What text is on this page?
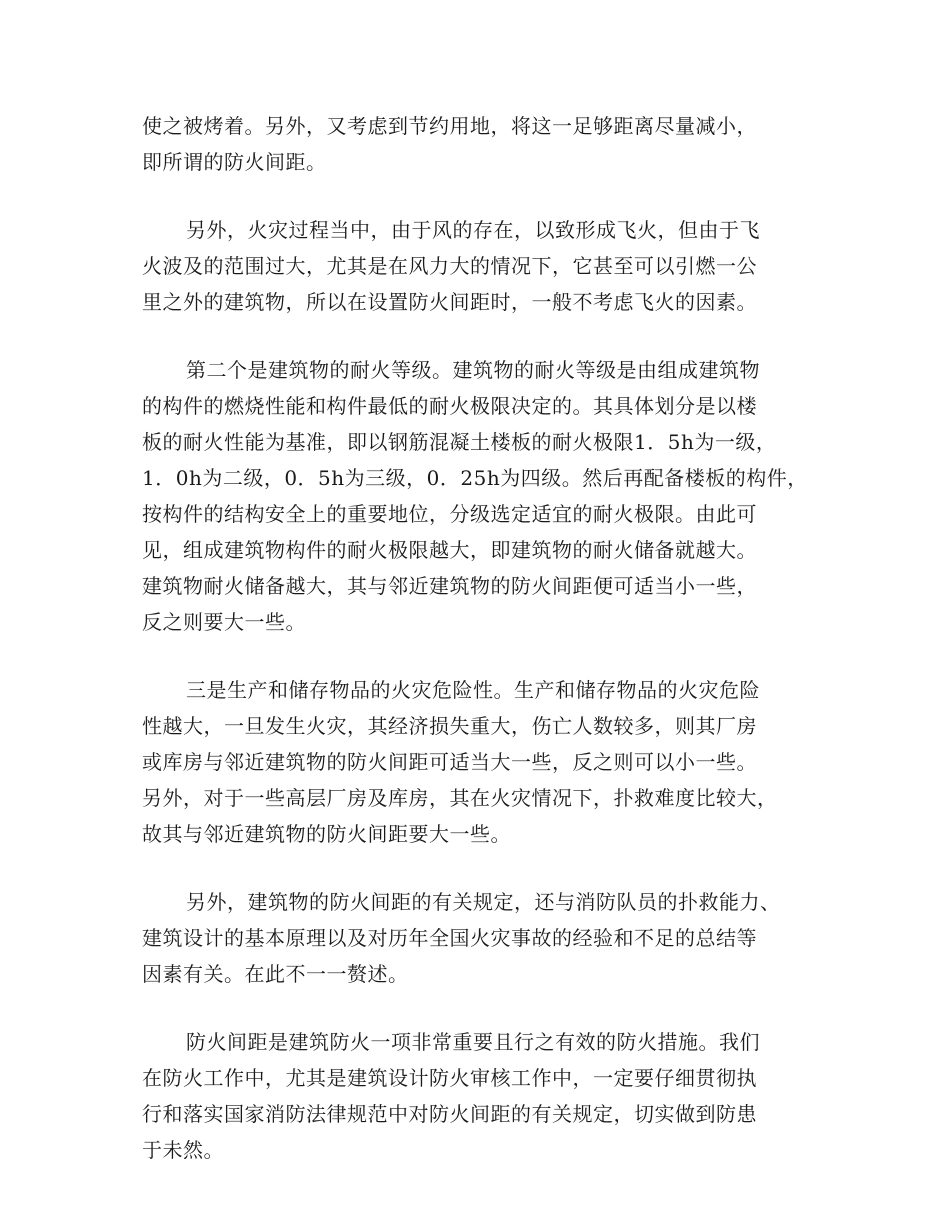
使之被烤着。另外，又考虑到节约用地，将这一足够距离尽量减小，
即所谓的防火间距。
另外，火灾过程当中，由于风的存在，以致形成飞火，但由于飞
火波及的范围过大，尤其是在风力大的情况下，它甚至可以引燃一公
里之外的建筑物，所以在设置防火间距时，一般不考虑飞火的因素。
第二个是建筑物的耐火等级。建筑物的耐火等级是由组成建筑物
的构件的燃烧性能和构件最低的耐火极限决定的。其具体划分是以楼
板的耐火性能为基准，即以钢筋混凝土楼板的耐火极限1．5h为一级，
1．0h为二级，0．5h为三级，0．25h为四级。然后再配备楼板的构件，
按构件的结构安全上的重要地位，分级选定适宜的耐火极限。由此可
见，组成建筑物构件的耐火极限越大，即建筑物的耐火储备就越大。
建筑物耐火储备越大，其与邻近建筑物的防火间距便可适当小一些，
反之则要大一些。
三是生产和储存物品的火灾危险性。生产和储存物品的火灾危险
性越大，一旦发生火灾，其经济损失重大，伤亡人数较多，则其厂房
或库房与邻近建筑物的防火间距可适当大一些，反之则可以小一些。
另外，对于一些高层厂房及库房，其在火灾情况下，扑救难度比较大，
故其与邻近建筑物的防火间距要大一些。
另外，建筑物的防火间距的有关规定，还与消防队员的扑救能力、
建筑设计的基本原理以及对历年全国火灾事故的经验和不足的总结等
因素有关。在此不一一赘述。
防火间距是建筑防火一项非常重要且行之有效的防火措施。我们
在防火工作中，尤其是建筑设计防火审核工作中，一定要仔细贯彻执
行和落实国家消防法律规范中对防火间距的有关规定，切实做到防患
于未然。
